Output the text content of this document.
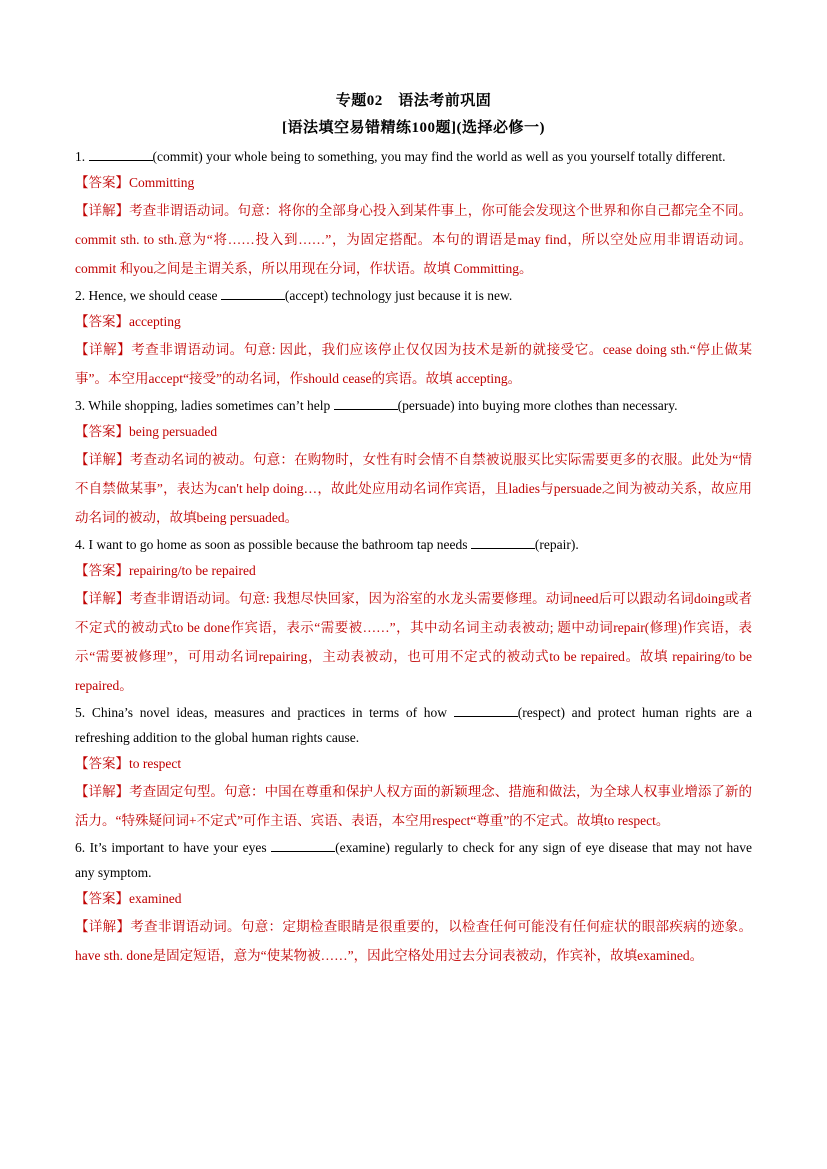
专题02　语法考前巩固
[语法填空易错精练100题](选择必修一)
1.	(commit) your whole being to something, you may find the world as well as you yourself totally different.
【答案】Committing
【详解】考查非谓语动词。句意：将你的全部身心投入到某件事上，你可能会发现这个世界和你自己都完全不同。commit sth. to sth.意为“将……投入到……”，为固定搭配。本句的谓语是may find，所以空处应用非谓语动词。commit 和you之间是主谓关系，所以用现在分词，作状语。故填 Committing。
2. Hence, we should cease	(accept) technology just because it is new.
【答案】accepting
【详解】考查非谓语动词。句意: 因此，我们应该停止仅仅因为技术是新的就接受它。cease doing sth.“停止做某事”。本空用accept“接受”的动名词，作should cease的宾语。故填 accepting。
3. While shopping, ladies sometimes can’t help	(persuade) into buying more clothes than necessary.
【答案】being persuaded
【详解】考查动名词的被动。句意：在购物时，女性有时会情不自禁被说服买比实际需要更多的衣服。此处为“情不自禁做某事”，表达为can't help doing…，故此处应用动名词作宾语，且ladies与persuade之间为被动关系，故应用动名词的被动，故填being persuaded。
4. I want to go home as soon as possible because the bathroom tap needs	(repair).
【答案】repairing/to be repaired
【详解】考查非谓语动词。句意: 我想尽快回家，因为浴室的水龙头需要修理。动词need后可以跟动名词doing或者不定式的被动式to be done作宾语，表示“需要被……”，其中动名词主动表被动; 题中动词repair(修理)作宾语，表示“需要被修理”，可用动名词repairing，主动表被动，也可用不定式的被动式to be repaired。故填 repairing/to be repaired。
5. China’s novel ideas, measures and practices in terms of how	(respect) and protect human rights are a refreshing addition to the global human rights cause.
【答案】to respect
【详解】考查固定句型。句意：中国在尊重和保护人权方面的新颖理念、措施和做法，为全球人权事业增添了新的活力。“特殊疑问词+不定式”可作主语、宾语、表语，本空用respect“尊重”的不定式。故填to respect。
6. It’s important to have your eyes	(examine) regularly to check for any sign of eye disease that may not have any symptom.
【答案】examined
【详解】考查非谓语动词。句意：定期检查眼睛是很重要的，以检查任何可能没有任何症状的眼部疾病的迹象。have sth. done是固定短语，意为“使某物被……”，因此空格处用过去分词表被动，作宾补，故填examined。
